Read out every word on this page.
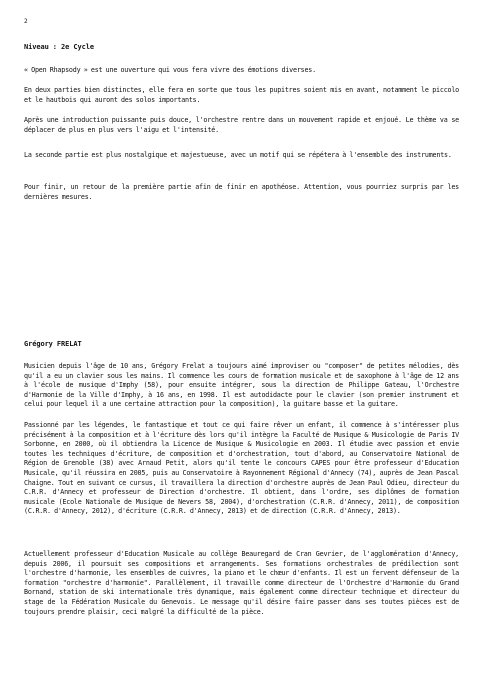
2
Niveau : 2e Cycle
« Open Rhapsody » est une ouverture qui vous fera vivre des émotions diverses.
En deux parties bien distinctes, elle fera en sorte que tous les pupitres soient mis en avant, notamment le piccolo et le hautbois qui auront des solos importants.
Après une introduction puissante puis douce, l'orchestre rentre dans un mouvement rapide et enjoué. Le thème va se déplacer de plus en plus vers l'aigu et l'intensité.
La seconde partie est plus nostalgique et majestueuse, avec un motif qui se répétera à l'ensemble des instruments.
Pour finir, un retour de la première partie afin de finir en apothéose. Attention, vous pourriez surpris par les dernières mesures.
Grégory FRELAT
Musicien depuis l'âge de 10 ans, Grégory Frelat a toujours aimé improviser ou "composer" de petites mélodies, dès qu'il a eu un clavier sous les mains. Il commence les cours de formation musicale et de saxophone à l'âge de 12 ans à l'école de musique d'Imphy (58), pour ensuite intégrer, sous la direction de Philippe Gateau, l'Orchestre d'Harmonie de la Ville d'Imphy, à 16 ans, en 1998. Il est autodidacte pour le clavier (son premier instrument et celui pour lequel il a une certaine attraction pour la composition), la guitare basse et la guitare.
Passionné par les légendes, le fantastique et tout ce qui faire rêver un enfant, il commence à s'intéresser plus précisément à la composition et à l'écriture dès lors qu'il intègre la Faculté de Musique & Musicologie de Paris IV Sorbonne, en 2000, où il obtiendra la Licence de Musique & Musicologie en 2003. Il étudie avec passion et envie toutes les techniques d'écriture, de composition et d'orchestration, tout d'abord, au Conservatoire National de Région de Grenoble (38) avec Arnaud Petit, alors qu'il tente le concours CAPES pour être professeur d'Education Musicale, qu'il réussira en 2005, puis au Conservatoire à Rayonnement Régional d'Annecy (74), auprès de Jean Pascal Chaigne. Tout en suivant ce cursus, il travaillera la direction d'orchestre auprès de Jean Paul Odieu, directeur du C.R.R. d'Annecy et professeur de Direction d'orchestre. Il obtient, dans l'ordre, ses diplômes de formation musicale (Ecole Nationale de Musique de Nevers 58, 2004), d'orchestration (C.R.R. d'Annecy, 2011), de composition (C.R.R. d'Annecy, 2012), d'écriture (C.R.R. d'Annecy, 2013) et de direction (C.R.R. d'Annecy, 2013).
Actuellement professeur d'Education Musicale au collège Beauregard de Cran Gevrier, de l'agglomération d'Annecy, depuis 2006, il poursuit ses compositions et arrangements. Ses formations orchestrales de prédilection sont l'orchestre d'harmonie, les ensembles de cuivres, la piano et le chœur d'enfants. Il est un fervent défenseur de la formation "orchestre d'harmonie". Parallèlement, il travaille comme directeur de l'Orchestre d'Harmonie du Grand Bornand, station de ski internationale très dynamique, mais également comme directeur technique et directeur du stage de la Fédération Musicale du Genevois. Le message qu'il désire faire passer dans ses toutes pièces est de toujours prendre plaisir, ceci malgré la difficulté de la pièce.
